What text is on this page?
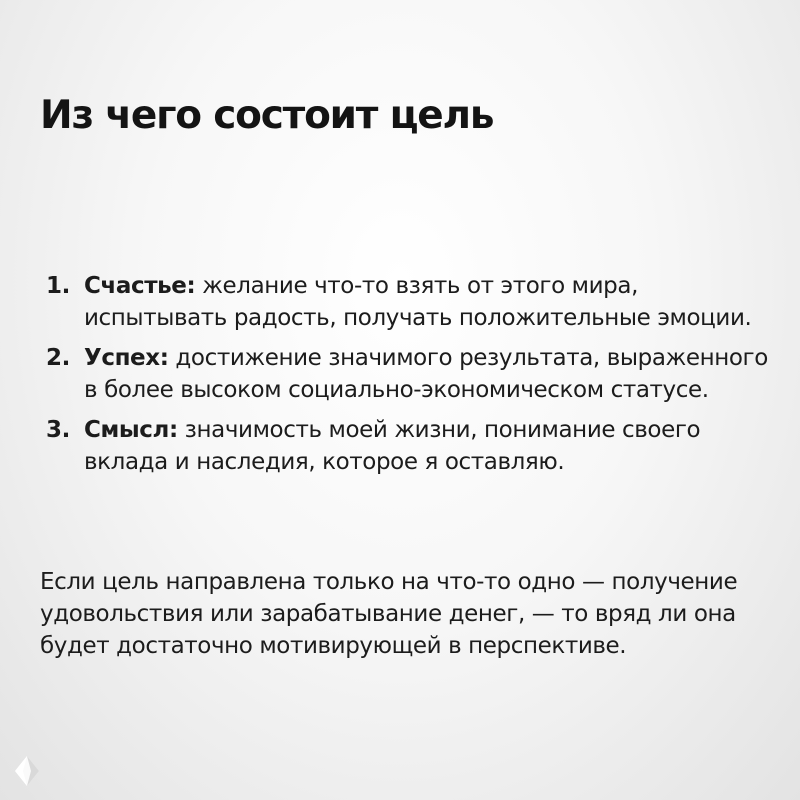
Из чего состоит цель
1. Счастье: желание что-то взять от этого мира, испытывать радость, получать положительные эмоции.
2. Успех: достижение значимого результата, выраженного в более высоком социально-экономическом статусе.
3. Смысл: значимость моей жизни, понимание своего вклада и наследия, которое я оставляю.

Если цель направлена только на что-то одно — получение удовольствия или зарабатывание денег, — то вряд ли она будет достаточно мотивирующей в перспективе.
